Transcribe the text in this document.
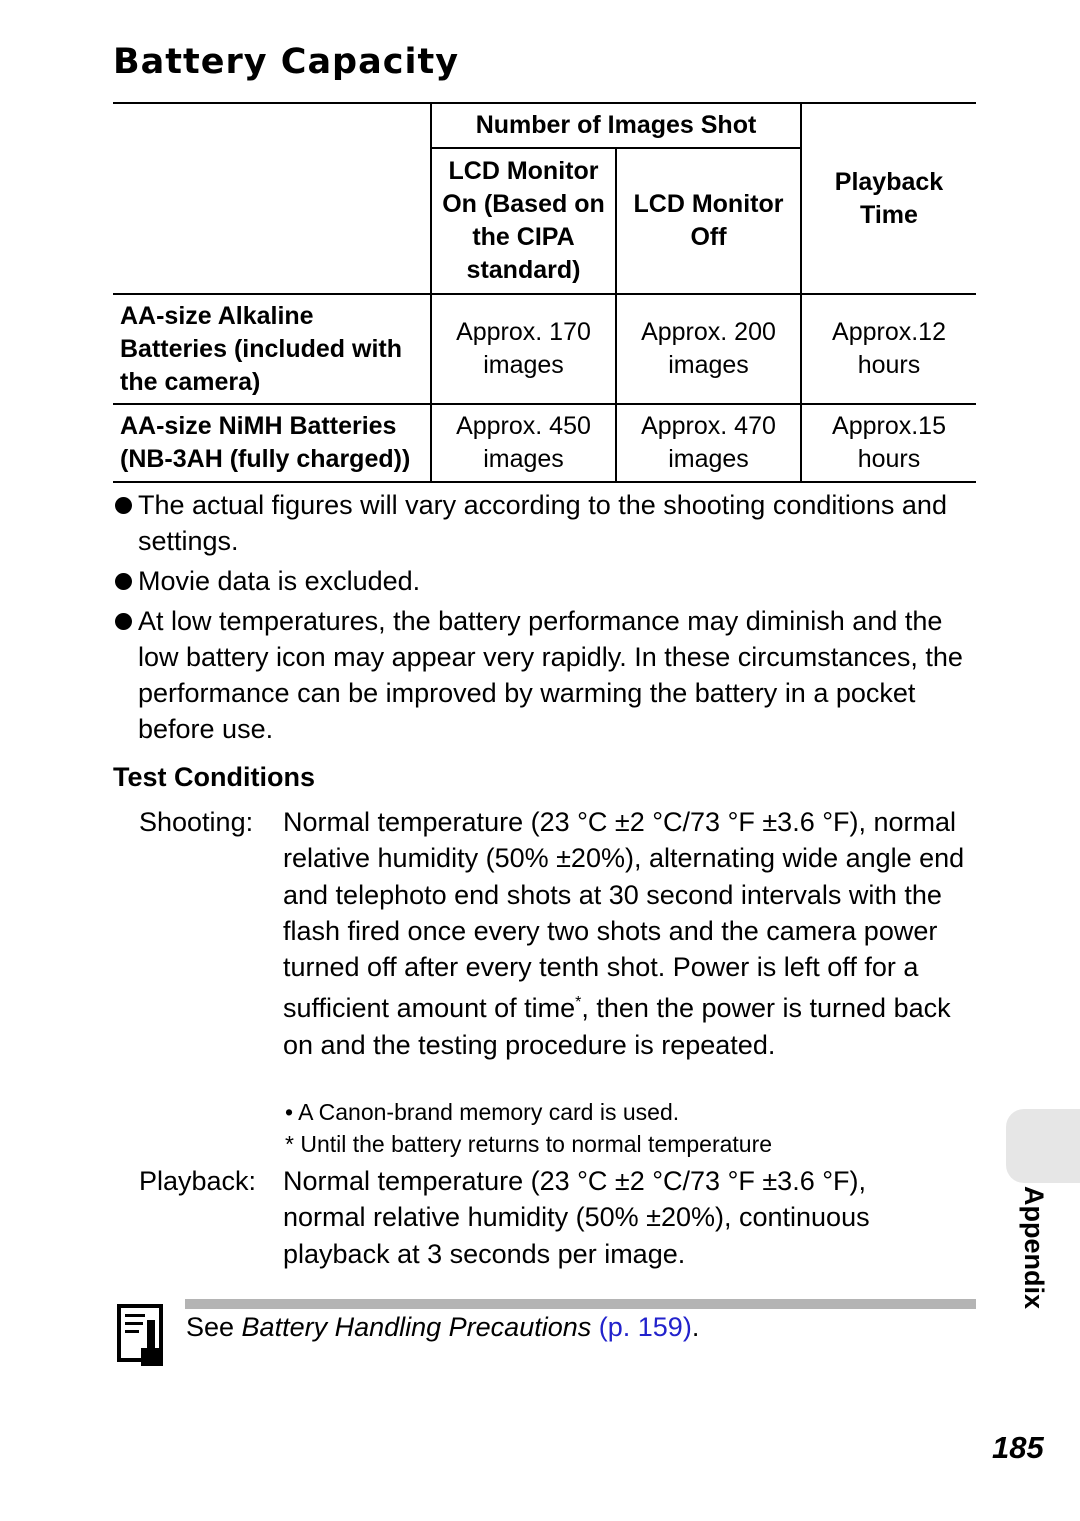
Battery Capacity
	Number of Images Shot		Playback Time
	LCD Monitor On (Based on the CIPA standard)	LCD Monitor Off	
AA-size Alkaline Batteries (included with the camera)	Approx. 170 images	Approx. 200 images	Approx.12 hours
AA-size NiMH Batteries (NB-3AH (fully charged))	Approx. 450 images	Approx. 470 images	Approx.15 hours
The actual figures will vary according to the shooting conditions and settings.
Movie data is excluded.
At low temperatures, the battery performance may diminish and the low battery icon may appear very rapidly. In these circumstances, the performance can be improved by warming the battery in a pocket before use.
Test Conditions
Shooting: Normal temperature (23 °C ±2 °C/73 °F ±3.6 °F), normal relative humidity (50% ±20%), alternating wide angle end and telephoto end shots at 30 second intervals with the flash fired once every two shots and the camera power turned off after every tenth shot. Power is left off for a sufficient amount of time*, then the power is turned back on and the testing procedure is repeated.
• A Canon-brand memory card is used.
* Until the battery returns to normal temperature
Playback: Normal temperature (23 °C ±2 °C/73 °F ±3.6 °F), normal relative humidity (50% ±20%), continuous playback at 3 seconds per image.	Appendix
See Battery Handling Precautions (p. 159).
185
